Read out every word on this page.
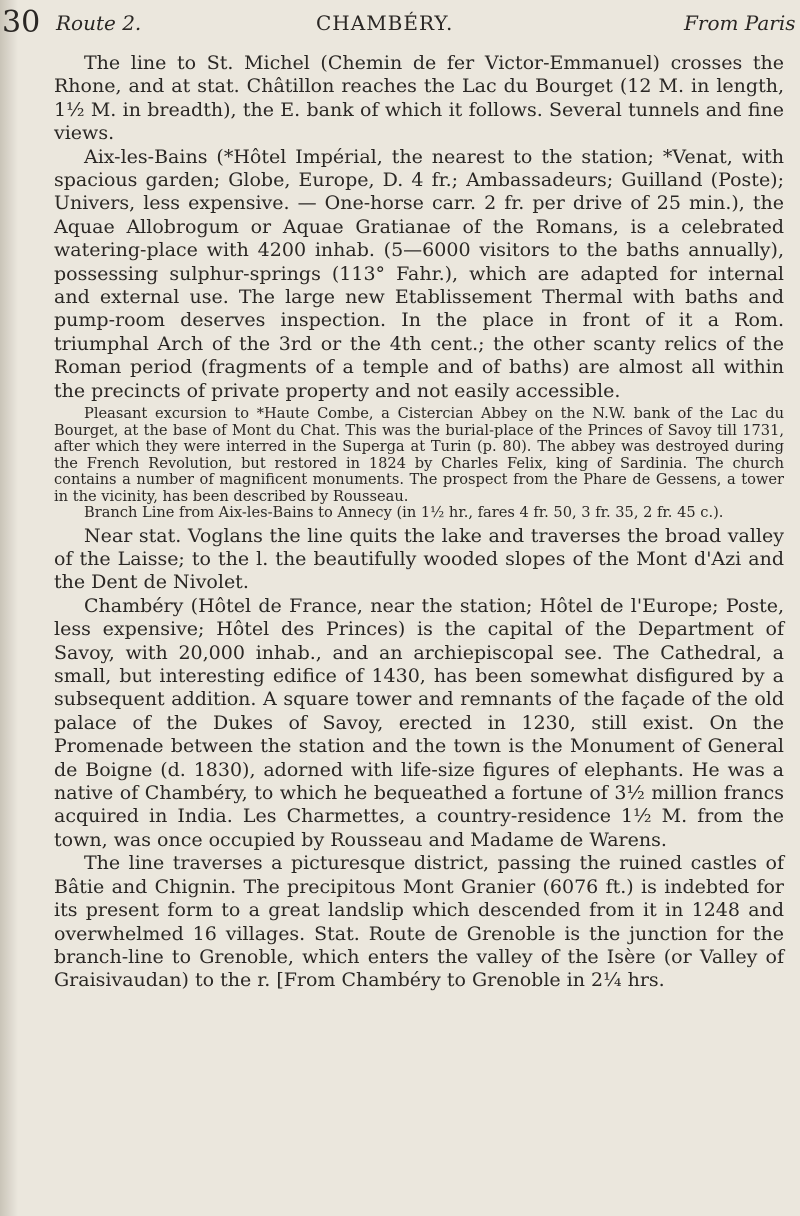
30 Route 2.	CHAMBÉRY.	From Paris

The line to St. Michel (Chemin de fer Victor-Emmanuel) crosses the Rhone, and at stat. Châtillon reaches the Lac du Bourget (12 M. in length, 1½ M. in breadth), the E. bank of which it follows. Several tunnels and fine views.

Aix-les-Bains (*Hôtel Impérial, the nearest to the station; *Venat, with spacious garden; Globe, Europe, D. 4 fr.; Ambassadeurs; Guilland (Poste); Univers, less expensive. — One-horse carr. 2 fr. per drive of 25 min.), the Aquae Allobrogum or Aquae Gratianae of the Romans, is a celebrated watering-place with 4200 inhab. (5—6000 visitors to the baths annually), possessing sulphur-springs (113° Fahr.), which are adapted for internal and external use. The large new Etablissement Thermal with baths and pump-room deserves inspection. In the place in front of it a Rom. triumphal Arch of the 3rd or the 4th cent.; the other scanty relics of the Roman period (fragments of a temple and of baths) are almost all within the precincts of private property and not easily accessible.

Pleasant excursion to *Haute Combe, a Cistercian Abbey on the N.W. bank of the Lac du Bourget, at the base of Mont du Chat. This was the burial-place of the Princes of Savoy till 1731, after which they were interred in the Superga at Turin (p. 80). The abbey was destroyed during the French Revolution, but restored in 1824 by Charles Felix, king of Sardinia. The church contains a number of magnificent monuments. The prospect from the Phare de Gessens, a tower in the vicinity, has been described by Rousseau.

Branch Line from Aix-les-Bains to Annecy (in 1½ hr., fares 4 fr. 50, 3 fr. 35, 2 fr. 45 c.).

Near stat. Voglans the line quits the lake and traverses the broad valley of the Laisse; to the l. the beautifully wooded slopes of the Mont d'Azi and the Dent de Nivolet.

Chambéry (Hôtel de France, near the station; Hôtel de l'Europe; Poste, less expensive; Hôtel des Princes) is the capital of the Department of Savoy, with 20,000 inhab., and an archiepiscopal see. The Cathedral, a small, but interesting edifice of 1430, has been somewhat disfigured by a subsequent addition. A square tower and remnants of the façade of the old palace of the Dukes of Savoy, erected in 1230, still exist. On the Promenade between the station and the town is the Monument of General de Boigne (d. 1830), adorned with life-size figures of elephants. He was a native of Chambéry, to which he bequeathed a fortune of 3½ million francs acquired in India. Les Charmettes, a country-residence 1½ M. from the town, was once occupied by Rousseau and Madame de Warens.

The line traverses a picturesque district, passing the ruined castles of Bâtie and Chignin. The precipitous Mont Granier (6076 ft.) is indebted for its present form to a great landslip which descended from it in 1248 and overwhelmed 16 villages. Stat. Route de Grenoble is the junction for the branch-line to Grenoble, which enters the valley of the Isère (or Valley of Graisivaudan) to the r. [From Chambéry to Grenoble in 2¼ hrs.
